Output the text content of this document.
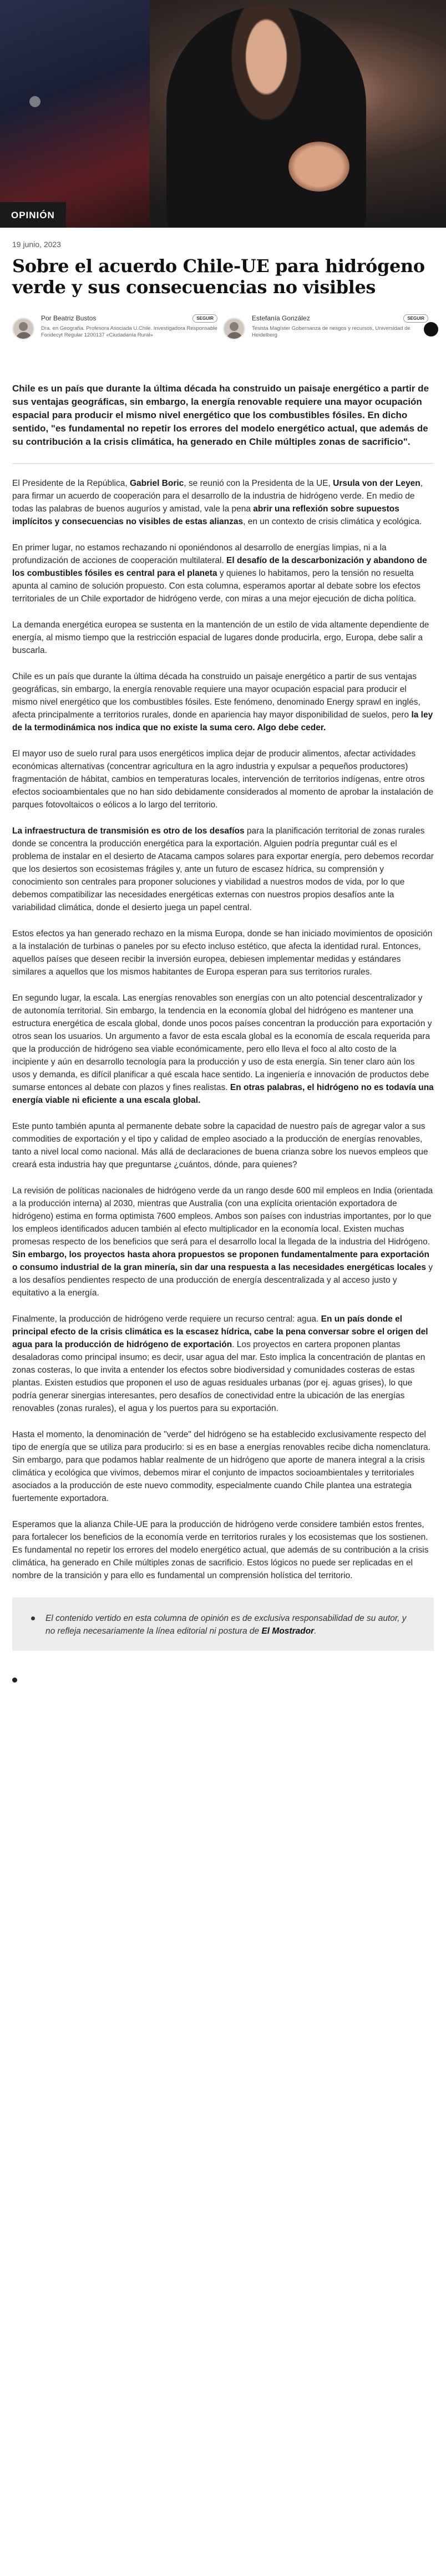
OPINIÓN
19 junio, 2023
Sobre el acuerdo Chile-UE para hidrógeno verde y sus consecuencias no visibles
Por Beatriz Bustos
Dra. en Geografía. Profesora Asociada U.Chile. Investigadora Responsable Fondecyt Regular 1200137 «Ciudadanía Rural»
SEGUIR	Estefanía González
Tesista Magíster Gobernanza de riesgos y recursos, Universidad de Heidelberg
SEGUIR

Chile es un país que durante la última década ha construido un paisaje energético a partir de sus ventajas geográficas, sin embargo, la energía renovable requiere una mayor ocupación espacial para producir el mismo nivel energético que los combustibles fósiles. En dicho sentido, "es fundamental no repetir los errores del modelo energético actual, que además de su contribución a la crisis climática, ha generado en Chile múltiples zonas de sacrificio".

El Presidente de la República, Gabriel Boric, se reunió con la Presidenta de la UE, Ursula von der Leyen, para firmar un acuerdo de cooperación para el desarrollo de la industria de hidrógeno verde. En medio de todas las palabras de buenos auguríos y amistad, vale la pena abrir una reflexión sobre supuestos implícitos y consecuencias no visibles de estas alianzas, en un contexto de crisis climática y ecológica.

En primer lugar, no estamos rechazando ni oponiéndonos al desarrollo de energías limpias, ni a la profundización de acciones de cooperación multilateral. El desafío de la descarbonización y abandono de los combustibles fósiles es central para el planeta y quienes lo habitamos, pero la tensión no resuelta apunta al camino de solución propuesto. Con esta columna, esperamos aportar al debate sobre los efectos territoriales de un Chile exportador de hidrógeno verde, con miras a una mejor ejecución de dicha política.

La demanda energética europea se sustenta en la mantención de un estilo de vida altamente dependiente de energía, al mismo tiempo que la restricción espacial de lugares donde producirla, ergo, Europa, debe salir a buscarla.

Chile es un país que durante la última década ha construido un paisaje energético a partir de sus ventajas geográficas, sin embargo, la energía renovable requiere una mayor ocupación espacial para producir el mismo nivel energético que los combustibles fósiles. Este fenómeno, denominado Energy sprawl en inglés, afecta principalmente a territorios rurales, donde en apariencia hay mayor disponibilidad de suelos, pero la ley de la termodinámica nos indica que no existe la suma cero. Algo debe ceder.

El mayor uso de suelo rural para usos energéticos implica dejar de producir alimentos, afectar actividades económicas alternativas (concentrar agricultura en la agro industria y expulsar a pequeños productores) fragmentación de hábitat, cambios en temperaturas locales, intervención de territorios indígenas, entre otros efectos socioambientales que no han sido debidamente considerados al momento de aprobar la instalación de parques fotovoltaicos o eólicos a lo largo del territorio.

La infraestructura de transmisión es otro de los desafíos para la planificación territorial de zonas rurales donde se concentra la producción energética para la exportación. Alguien podría preguntar cuál es el problema de instalar en el desierto de Atacama campos solares para exportar energía, pero debemos recordar que los desiertos son ecosistemas frágiles y, ante un futuro de escasez hídrica, su comprensión y conocimiento son centrales para proponer soluciones y viabilidad a nuestros modos de vida, por lo que debemos compatibilizar las necesidades energéticas externas con nuestros propios desafíos ante la variabilidad climática, donde el desierto juega un papel central.

Estos efectos ya han generado rechazo en la misma Europa, donde se han iniciado movimientos de oposición a la instalación de turbinas o paneles por su efecto incluso estético, que afecta la identidad rural. Entonces, aquellos países que deseen recibir la inversión europea, debiesen implementar medidas y estándares similares a aquellos que los mismos habitantes de Europa esperan para sus territorios rurales.

En segundo lugar, la escala. Las energías renovables son energías con un alto potencial descentralizador y de autonomía territorial. Sin embargo, la tendencia en la economía global del hidrógeno es mantener una estructura energética de escala global, donde unos pocos países concentran la producción para exportación y otros sean los usuarios. Un argumento a favor de esta escala global es la economía de escala requerida para que la producción de hidrógeno sea viable económicamente, pero ello lleva el foco al alto costo de la incipiente y aún en desarrollo tecnología para la producción y uso de esta energía. Sin tener claro aún los usos y demanda, es difícil planificar a qué escala hace sentido. La ingeniería e innovación de productos debe sumarse entonces al debate con plazos y fines realistas. En otras palabras, el hidrógeno no es todavía una energía viable ni eficiente a una escala global.

Este punto también apunta al permanente debate sobre la capacidad de nuestro país de agregar valor a sus commodities de exportación y el tipo y calidad de empleo asociado a la producción de energías renovables, tanto a nivel local como nacional. Más allá de declaraciones de buena crianza sobre los nuevos empleos que creará esta industria hay que preguntarse ¿cuántos, dónde, para quienes?

La revisión de políticas nacionales de hidrógeno verde da un rango desde 600 mil empleos en India (orientada a la producción interna) al 2030, mientras que Australia (con una explícita orientación exportadora de hidrógeno) estima en forma optimista 7600 empleos. Ambos son países con industrias importantes, por lo que los empleos identificados aducen también al efecto multiplicador en la economía local. Existen muchas promesas respecto de los beneficios que será para el desarrollo local la llegada de la industria del Hidrógeno. Sin embargo, los proyectos hasta ahora propuestos se proponen fundamentalmente para exportación o consumo industrial de la gran minería, sin dar una respuesta a las necesidades energéticas locales y a los desafíos pendientes respecto de una producción de energía descentralizada y al acceso justo y equitativo a la energía.

Finalmente, la producción de hidrógeno verde requiere un recurso central: agua. En un país donde el principal efecto de la crisis climática es la escasez hídrica, cabe la pena conversar sobre el origen del agua para la producción de hidrógeno de exportación. Los proyectos en cartera proponen plantas desaladoras como principal insumo; es decir, usar agua del mar. Esto implica la concentración de plantas en zonas costeras, lo que invita a entender los efectos sobre biodiversidad y comunidades costeras de estas plantas. Existen estudios que proponen el uso de aguas residuales urbanas (por ej. aguas grises), lo que podría generar sinergias interesantes, pero desafíos de conectividad entre la ubicación de las energías renovables (zonas rurales), el agua y los puertos para su exportación.

Hasta el momento, la denominación de "verde" del hidrógeno se ha establecido exclusivamente respecto del tipo de energía que se utiliza para producirlo: si es en base a energías renovables recibe dicha nomenclatura. Sin embargo, para que podamos hablar realmente de un hidrógeno que aporte de manera integral a la crisis climática y ecológica que vivimos, debemos mirar el conjunto de impactos socioambientales y territoriales asociados a la producción de este nuevo commodity, especialmente cuando Chile plantea una estrategia fuertemente exportadora.

Esperamos que la alianza Chile-UE para la producción de hidrógeno verde considere también estos frentes, para fortalecer los beneficios de la economía verde en territorios rurales y los ecosistemas que los sostienen. Es fundamental no repetir los errores del modelo energético actual, que además de su contribución a la crisis climática, ha generado en Chile múltiples zonas de sacrificio. Estos lógicos no puede ser replicadas en el nombre de la transición y para ello es fundamental un comprensión holística del territorio.

El contenido vertido en esta columna de opinión es de exclusiva responsabilidad de su autor, y no refleja necesariamente la línea editorial ni postura de El Mostrador.
